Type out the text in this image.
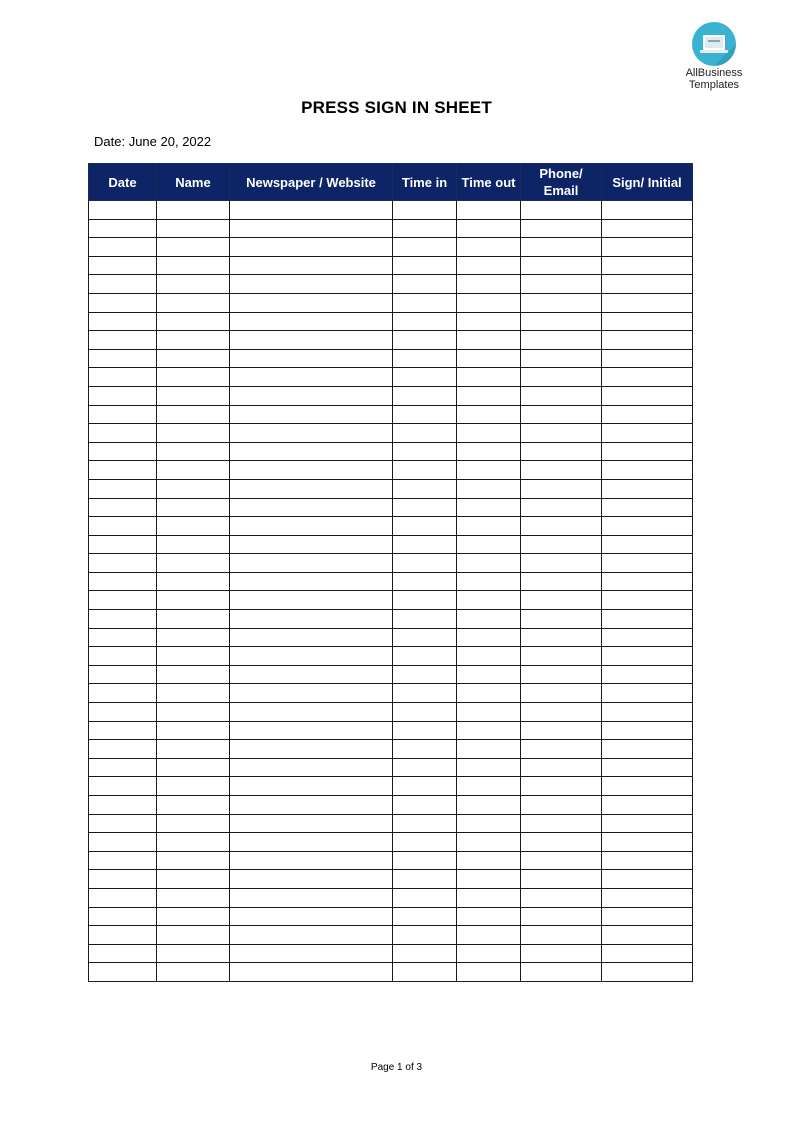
AllBusiness
Templates
PRESS SIGN IN SHEET
Date: June 20, 2022
Date	Name	Newspaper / Website	Time in	Time out	Phone/ Email	Sign/ Initial

Page 1 of 3
